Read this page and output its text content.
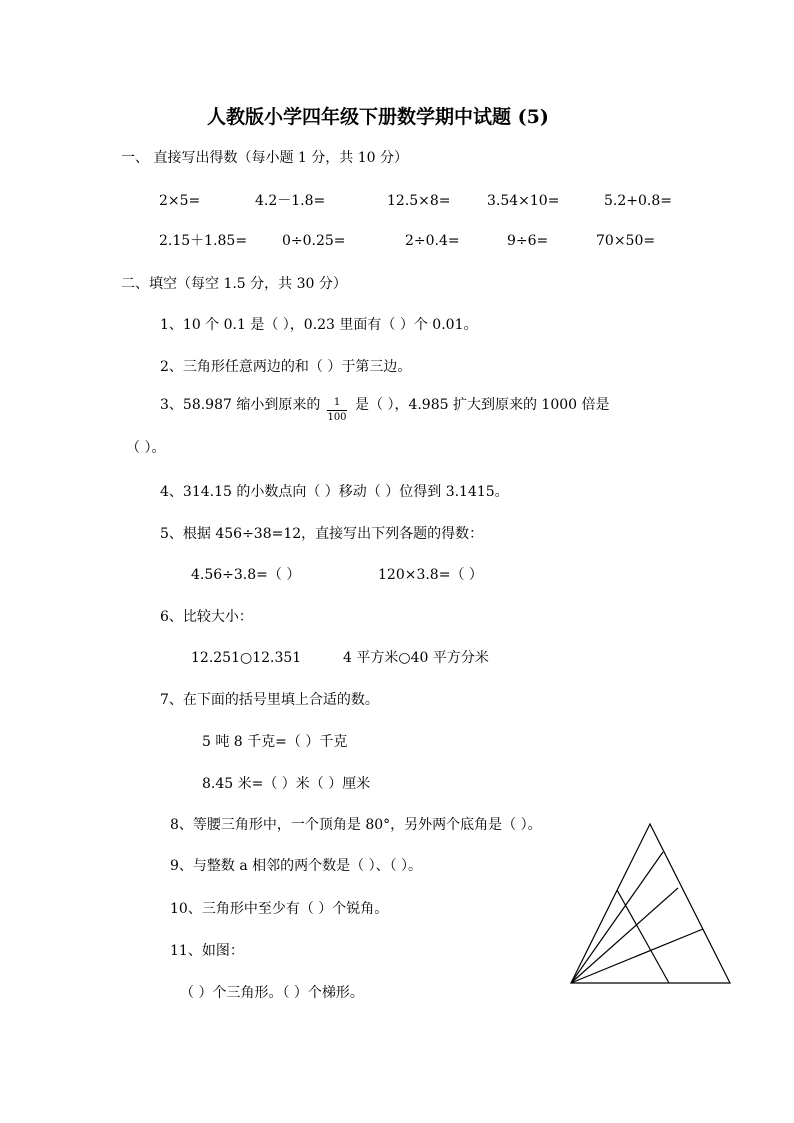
人教版小学四年级下册数学期中试题 (5)
一、 直接写出得数（每小题 1 分，共 10 分）
2×5=	4.2－1.8=	12.5×8=	3.54×10=	5.2+0.8=
2.15＋1.85= 0÷0.25=	2÷0.4=	9÷6=	70×50=
二、填空（每空 1.5 分，共 30 分）
1、10 个 0.1 是（ ），0.23 里面有（ ）个 0.01。
2、三角形任意两边的和（ ）于第三边。
3、58.987 缩小到原来的	1
100
是（ ），4.985 扩大到原来的 1000 倍是
（ ）。
4、314.15 的小数点向（ ）移动（ ）位得到 3.1415。
5、根据 456÷38=12，直接写出下列各题的得数：
4.56÷3.8=（ ）	120×3.8=（ ）
6、比较大小：
12.251○12.351	4 平方米○40 平方分米
7、在下面的括号里填上合适的数。
5 吨 8 千克=（ ）千克
8.45 米=（ ）米（ ）厘米
8、等腰三角形中，一个顶角是 80°，另外两个底角是（ ）。
9、与整数 a 相邻的两个数是（ ）、（ ）。
10、三角形中至少有（ ）个锐角。
11、如图：
（ ）个三角形。（ ）个梯形。
